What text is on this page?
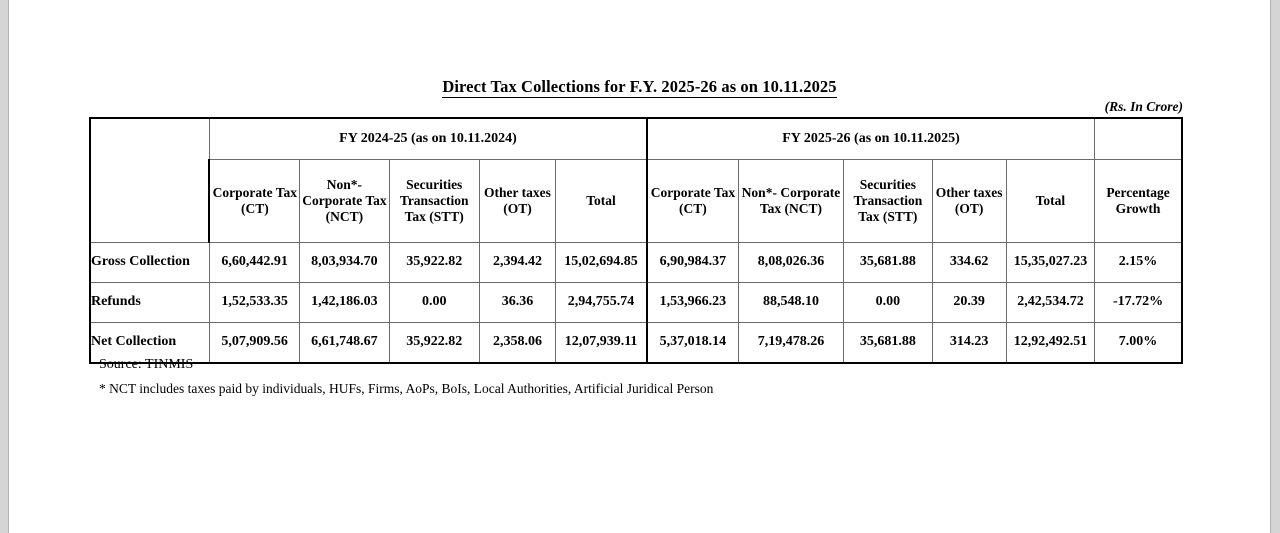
Direct Tax Collections for F.Y. 2025-26 as on 10.11.2025
(Rs. In Crore)
	FY 2024-25 (as on 10.11.2024)					FY 2025-26 (as on 10.11.2025)					
	Corporate Tax (CT)	Non*- Corporate Tax (NCT)	Securities Transaction Tax (STT)	Other taxes (OT)	Total	Corporate Tax (CT)	Non*- Corporate Tax (NCT)	Securities Transaction Tax (STT)	Other taxes (OT)	Total	Percentage Growth
Gross Collection	6,60,442.91	8,03,934.70	35,922.82	2,394.42	15,02,694.85	6,90,984.37	8,08,026.36	35,681.88	334.62	15,35,027.23	2.15%
Refunds	1,52,533.35	1,42,186.03	0.00	36.36	2,94,755.74	1,53,966.23	88,548.10	0.00	20.39	2,42,534.72	-17.72%
Net Collection	5,07,909.56	6,61,748.67	35,922.82	2,358.06	12,07,939.11	5,37,018.14	7,19,478.26	35,681.88	314.23	12,92,492.51	7.00%

Source: TINMIS

* NCT includes taxes paid by individuals, HUFs, Firms, AoPs, BoIs, Local Authorities, Artificial Juridical Person
